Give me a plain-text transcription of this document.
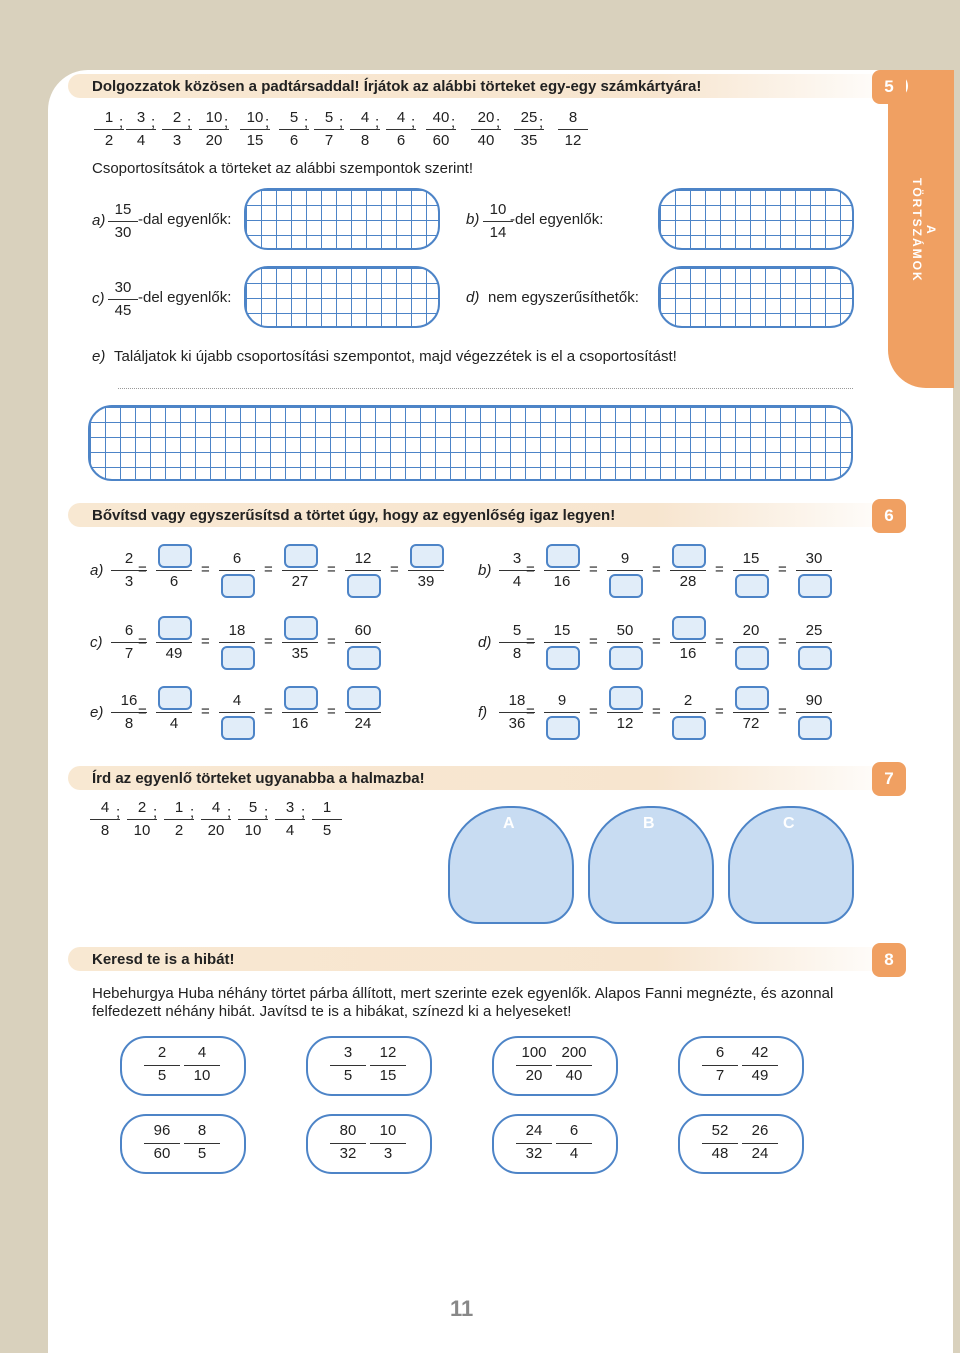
A TÖRTSZÁMOK
Dolgozzatok közösen a padtársaddal! Írjátok az alábbi törteket egy-egy számkártyára!	5
Csoportosítsátok a törteket az alábbi szempontok szerint!
a)
15
30
-dal egyenlők:	b)
10
14
-del egyenlők:
c)
30
45
-del egyenlők:	d) nem egyszerűsíthetők:
e) Találjatok ki újabb csoportosítási szempontot, majd végezzétek is el a csoportosítást!
Bővítsd vagy egyszerűsítsd a törtet úgy, hogy az egyenlőség igaz legyen!	6
Írd az egyenlő törteket ugyanabba a halmazba!	7
A	B	C
Keresd te is a hibát!	8
Hebehurgya Huba néhány törtet párba állított, mert szerinte ezek egyenlők. Alapos Fanni megnézte, és azonnal felfedezett néhány hibát. Javítsd te is a hibákat, színezd ki a helyeseket!
11
1
2
; 3
4
;	2
3
; 10
20
;	10
15
;	5
6
;	5
7
;	4
8
;	4
6
;	40
60
;	20
40
;	25
35
;	8
12
a)
2
3
=
6
=
6
=
27
=
12
=
39
b)
3
4
=
16
=
9
=
28
=
15
=
30
c)
6
7
=
49
=
18
=
35
=
60
d)
5
8
=
15
=
50
=
16
=
20
=
25
e)
16
8
=
4
=
4
=
16
=
24
f)
18
36
=
9
=
12
=
2
=
72
=
90
4
8
;	2
10
;	1
2
;	4
20
;	5
10
;	3
4
;	1
5
2
5
4
10
3
5
12
15
100
20
200
40
6
7
42
49
96
60
8
5
80
32
10
3
24
32
6
4
52
48
26
24
